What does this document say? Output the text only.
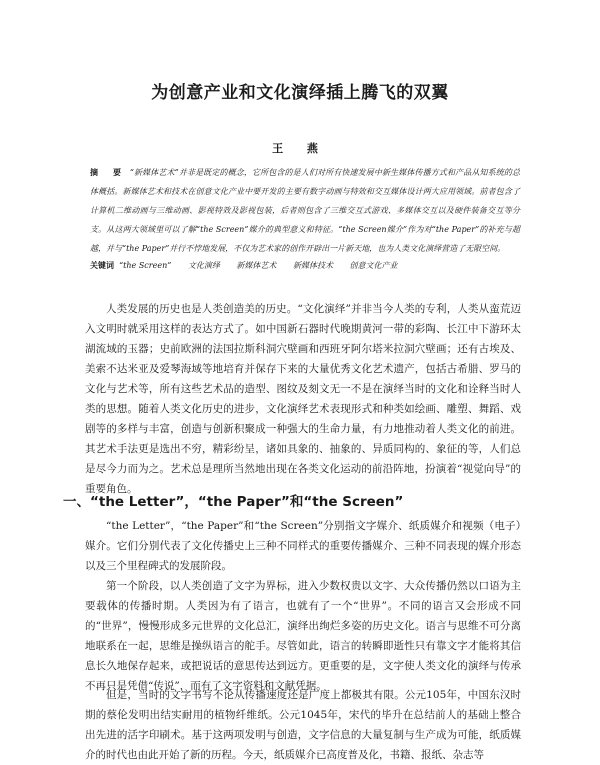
为创意产业和文化演绎插上腾飞的双翼
王 燕
摘 要 “新媒体艺术”并非是既定的概念，它所包含的是人们对所有快速发展中新生媒体传播方式和产品从知系统的总体概括。新媒体艺术和技术在创意文化产业中要开发的主要有数字动画与特效和交互媒体设计两大应用领域。前者包含了计算机二维动画与三维动画、影视特效及影视包装，后者则包含了三维交互式游戏、多媒体交互以及硬件装备交互等分支。从这两大领域里可以了解“the Screen”媒介的典型意义和特征。“the Screen媒介”作为对“the Paper”的补充与超越，并与“the Paper”并行不悖地发展，不仅为艺术家的创作开辟出一片新天地，也为人类文化演绎营造了无限空间。
关键词 “the Screen” 文化演绎 新媒体艺术 新媒体技术 创意文化产业

人类发展的历史也是人类创造美的历史。“文化演绎”并非当今人类的专利，人类从蛮荒迈入文明时就采用这样的表达方式了。如中国新石器时代晚期黄河一带的彩陶、长江中下游环太湖流域的玉器；史前欧洲的法国拉斯科洞穴壁画和西班牙阿尔塔米拉洞穴壁画；还有古埃及、美索不达米亚及爱琴海域等地培育并保存下来的大量优秀文化艺术遗产，包括古希腊、罗马的文化与艺术等，所有这些艺术品的造型、图纹及刻文无一不是在演绎当时的文化和诠释当时人类的思想。随着人类文化历史的进步，文化演绎艺术表现形式和种类如绘画、雕塑、舞蹈、戏剧等的多样与丰富，创造与创新积聚成一种强大的生命力量，有力地推动着人类文化的前进。其艺术手法更是选出不穷，精彩纷呈，诸如具象的、抽象的、异质同构的、象征的等，人们总是尽今力而为之。艺术总是理所当然地出现在各类文化运动的前沿阵地，扮演着“视觉向导”的重要角色。

一、“the Letter”，“the Paper”和“the Screen”

“the Letter”，“the Paper”和“the Screen”分别指文字媒介、纸质媒介和视频（电子）媒介。它们分别代表了文化传播史上三种不同样式的重要传播媒介、三种不同表现的媒介形态以及三个里程碑式的发展阶段。

第一个阶段，以人类创造了文字为界标，进入少数权贵以文字、大众传播仍然以口语为主要载体的传播时期。人类因为有了语言，也就有了一个“世界”。不同的语言又会形成不同的“世界”，慢慢形成多元世界的文化总汇，演绎出绚烂多姿的历史文化。语言与思维不可分离地联系在一起，思维是操纵语言的舵手。尽管如此，语言的转瞬即逝性只有靠文字才能将其信息长久地保存起来，或把说话的意思传达到远方。更重要的是，文字使人类文化的演绎与传承不再只是凭借“传说”，而有了文字资料和文献凭据。

但是，当时的文字书写不论从传播速度还是广度上都极其有限。公元105年，中国东汉时期的蔡伦发明出结实耐用的植物纤维纸。公元1045年，宋代的毕升在总结前人的基础上整合出先进的活字印刷术。基于这两项发明与创造，文字信息的大量复制与生产成为可能，纸质媒介的时代也由此开始了新的历程。今天，纸质媒介已高度普及化，书籍、报纸、杂志等
